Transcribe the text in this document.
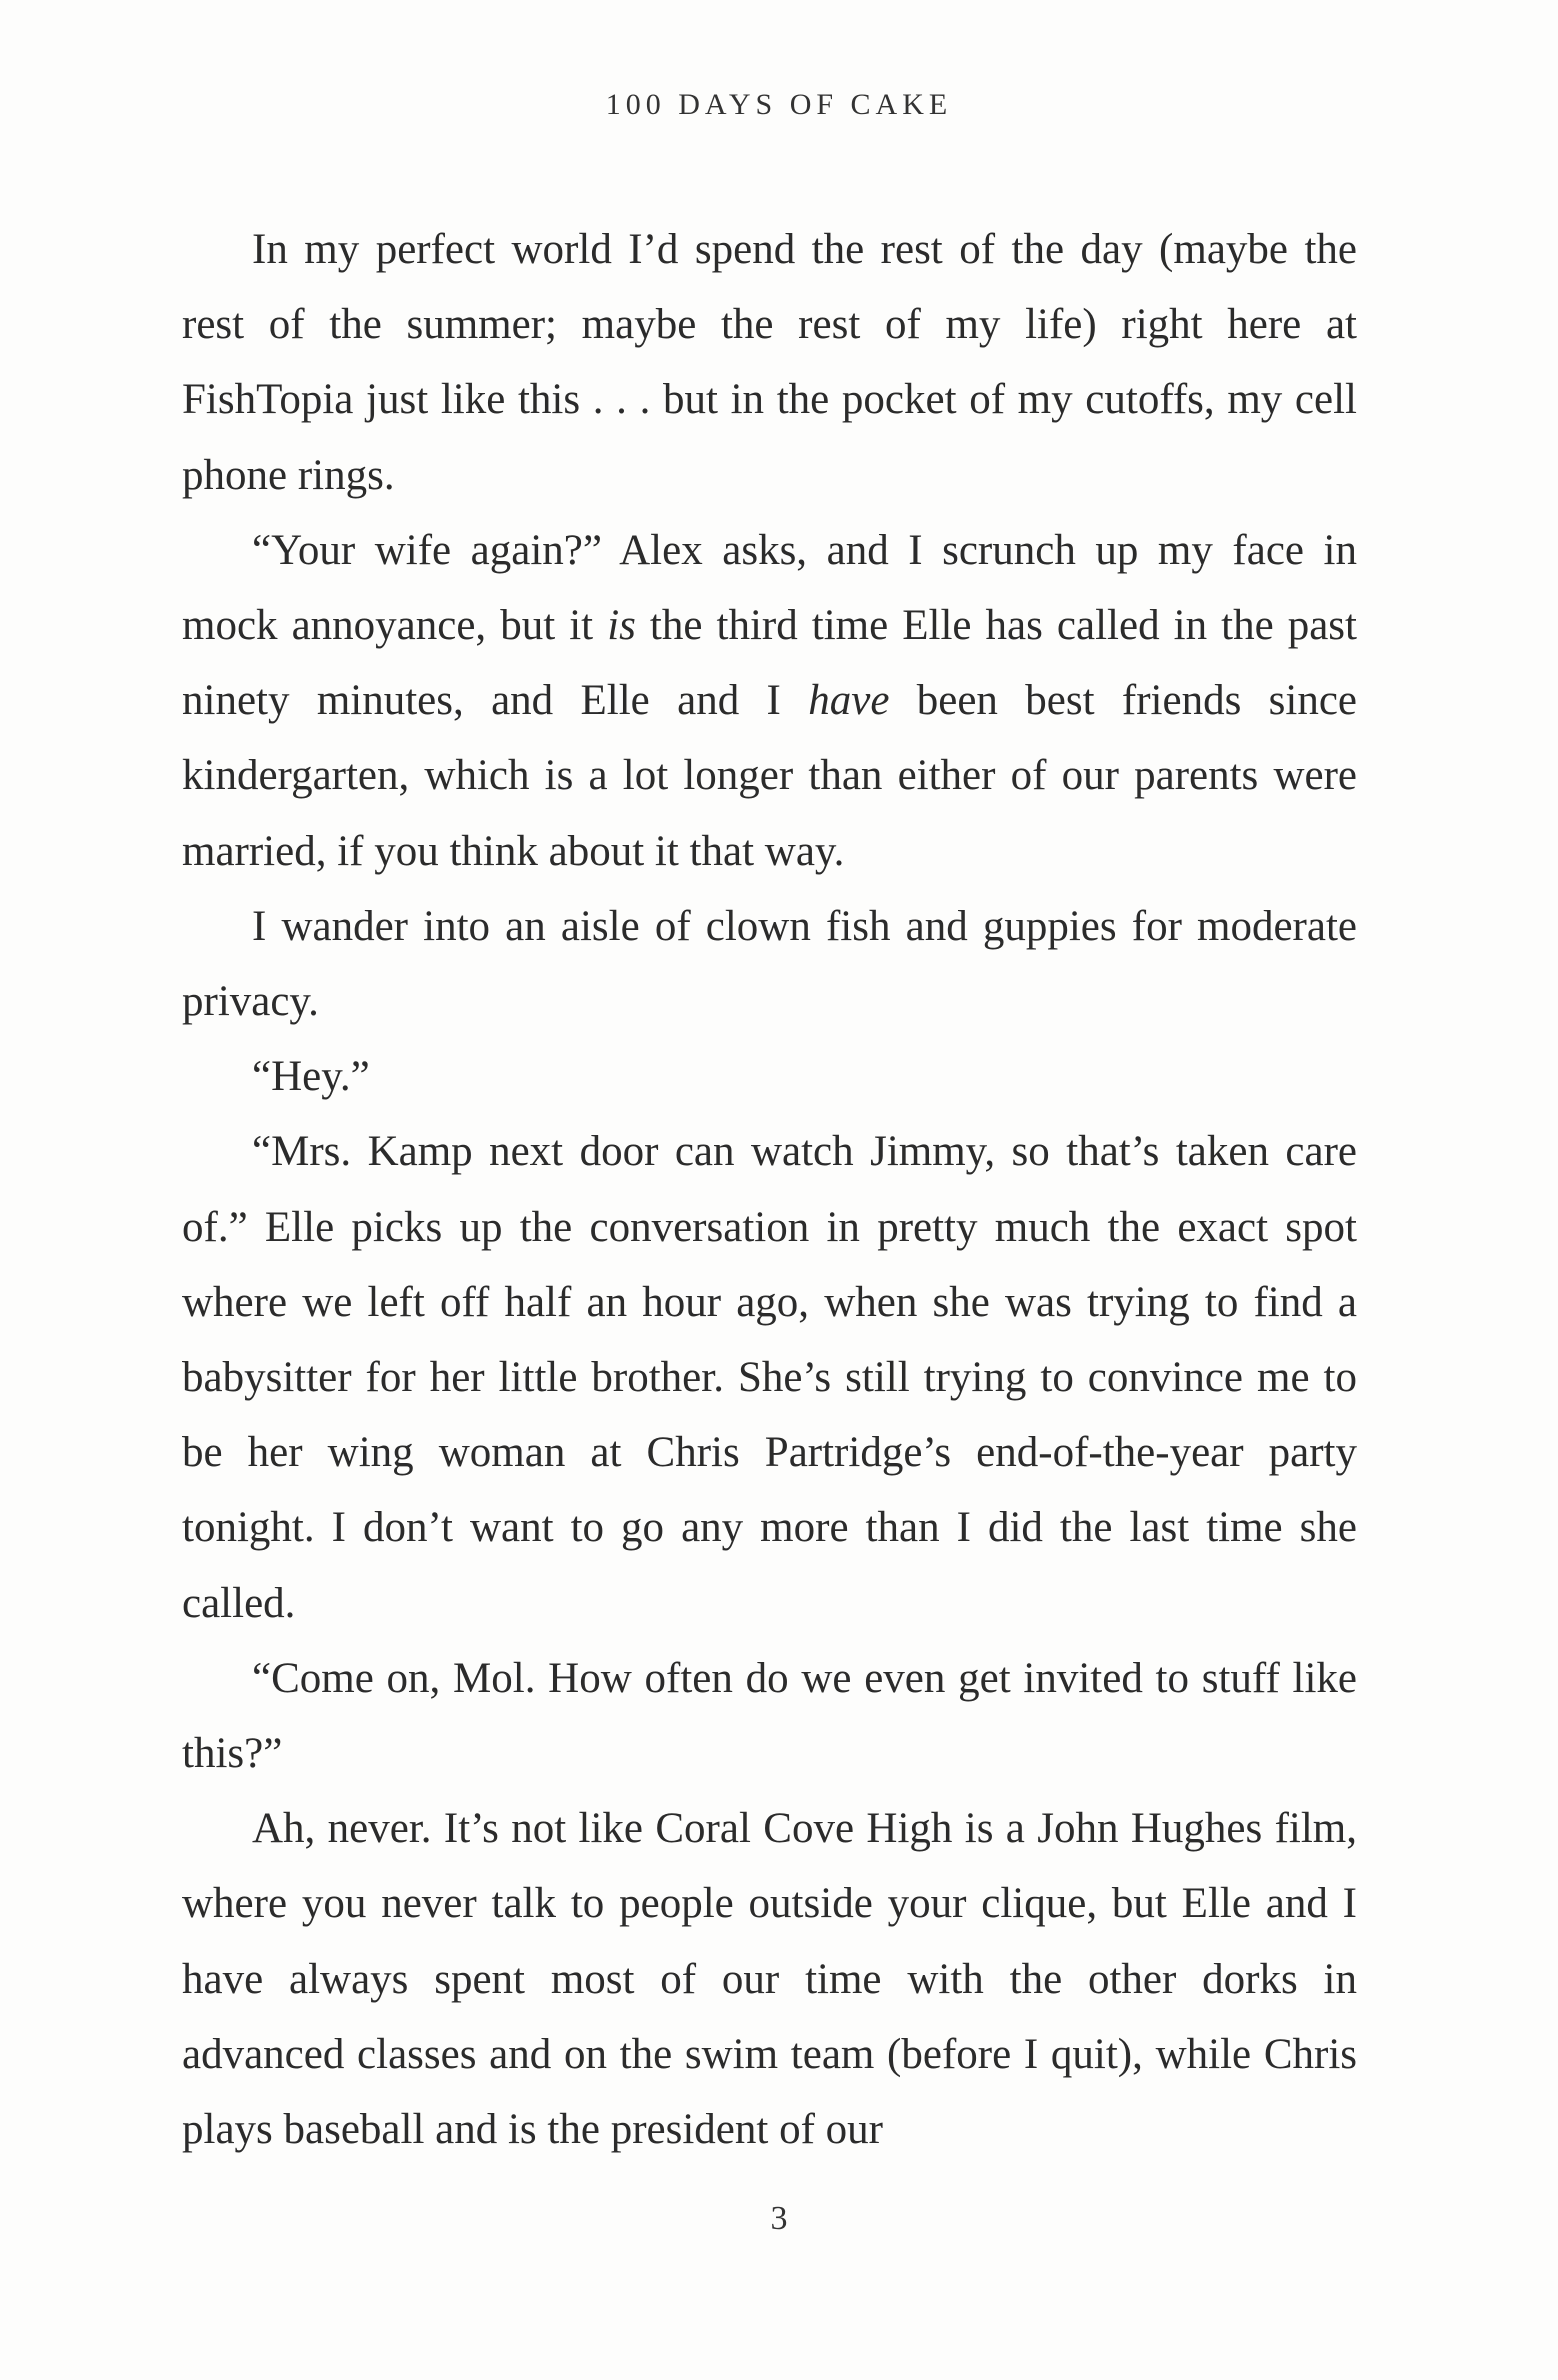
100 DAYS OF CAKE

In my perfect world I’d spend the rest of the day (maybe the rest of the summer; maybe the rest of my life) right here at FishTopia just like this . . . but in the pocket of my cutoffs, my cell phone rings.

“Your wife again?” Alex asks, and I scrunch up my face in mock annoyance, but it is the third time Elle has called in the past ninety minutes, and Elle and I have been best friends since kindergarten, which is a lot longer than either of our parents were married, if you think about it that way.

I wander into an aisle of clown fish and guppies for moderate privacy.

“Hey.”

“Mrs. Kamp next door can watch Jimmy, so that’s taken care of.” Elle picks up the conversation in pretty much the exact spot where we left off half an hour ago, when she was trying to find a babysitter for her little brother. She’s still trying to convince me to be her wing woman at Chris Partridge’s end-of-the-year party tonight. I don’t want to go any more than I did the last time she called.

“Come on, Mol. How often do we even get invited to stuff like this?”

Ah, never. It’s not like Coral Cove High is a John Hughes film, where you never talk to people outside your clique, but Elle and I have always spent most of our time with the other dorks in advanced classes and on the swim team (before I quit), while Chris plays baseball and is the president of our

3
